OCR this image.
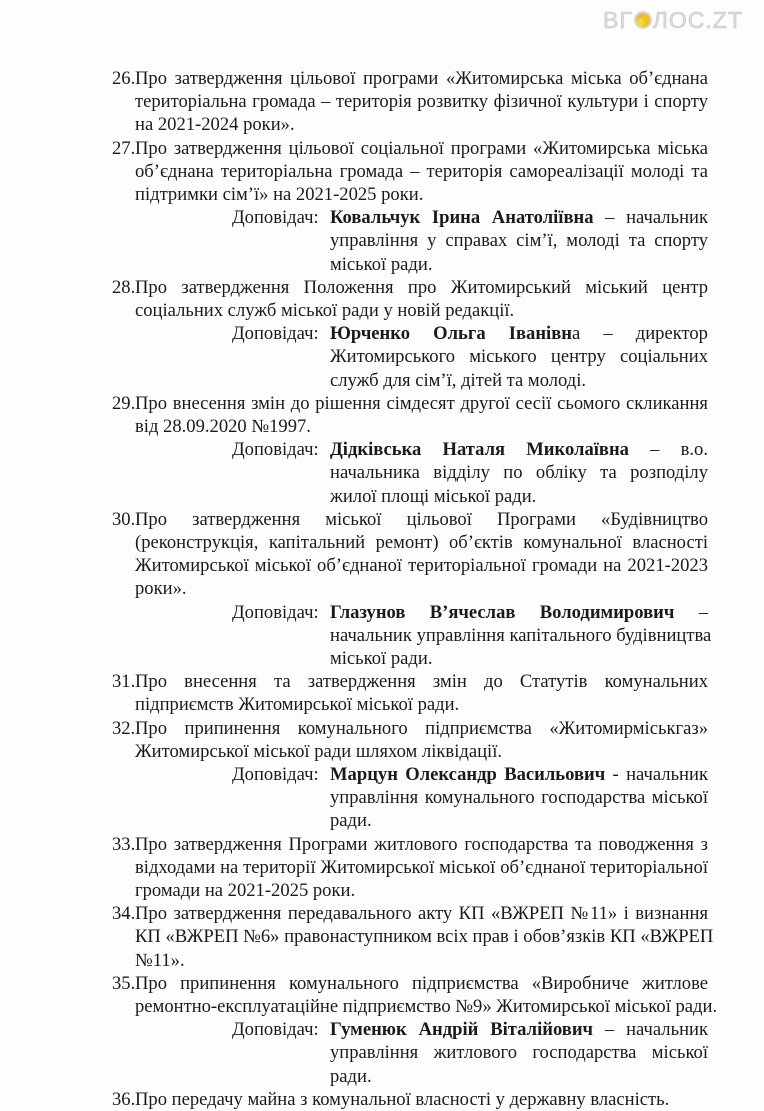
ВГ ЛОС.ZT
26. Про затвердження цільової програми «Житомирська міська об’єднана
територіальна громада – територія розвитку фізичної культури і спорту
на 2021-2024 роки».
27. Про затвердження цільової соціальної програми «Житомирська міська
об’єднана територіальна громада – територія самореалізації молоді та
підтримки сім’ї» на 2021-2025 роки.
Доповідач: Ковальчук Ірина Анатоліївна – начальник
управління у справах сім’ї, молоді та спорту
міської ради.
28. Про затвердження Положення про Житомирський міський центр
соціальних служб міської ради у новій редакції.
Доповідач: Юрченко Ольга Іванівна – директор
Житомирського міського центру соціальних
служб для сім’ї, дітей та молоді.
29. Про внесення змін до рішення сімдесят другої сесії сьомого скликання
від 28.09.2020 №1997.
Доповідач: Дідківська Наталя Миколаївна – в.о.
начальника відділу по обліку та розподілу
жилої площі міської ради.
30. Про затвердження міської цільової Програми «Будівництво
(реконструкція, капітальний ремонт) об’єктів комунальної власності
Житомирської міської об’єднаної територіальної громади на 2021-2023
роки».
Доповідач: Глазунов В’ячеслав Володимирович –
начальник управління капітального будівництва
міської ради.
31. Про внесення та затвердження змін до Статутів комунальних
підприємств Житомирської міської ради.
32. Про припинення комунального підприємства «Житомирміськгаз»
Житомирської міської ради шляхом ліквідації.
Доповідач: Марцун Олександр Васильович - начальник
управління комунального господарства міської
ради.
33. Про затвердження Програми житлового господарства та поводження з
відходами на території Житомирської міської об’єднаної територіальної
громади на 2021-2025 роки.
34. Про затвердження передавального акту КП «ВЖРЕП №11» і визнання
КП «ВЖРЕП №6» правонаступником всіх прав і обов’язків КП «ВЖРЕП
№11».
35. Про припинення комунального підприємства «Виробниче житлове
ремонтно-експлуатаційне підприємство №9» Житомирської міської ради.
Доповідач: Гуменюк Андрій Віталійович – начальник
управління житлового господарства міської
ради.
36. Про передачу майна з комунальної власності у державну власність.
